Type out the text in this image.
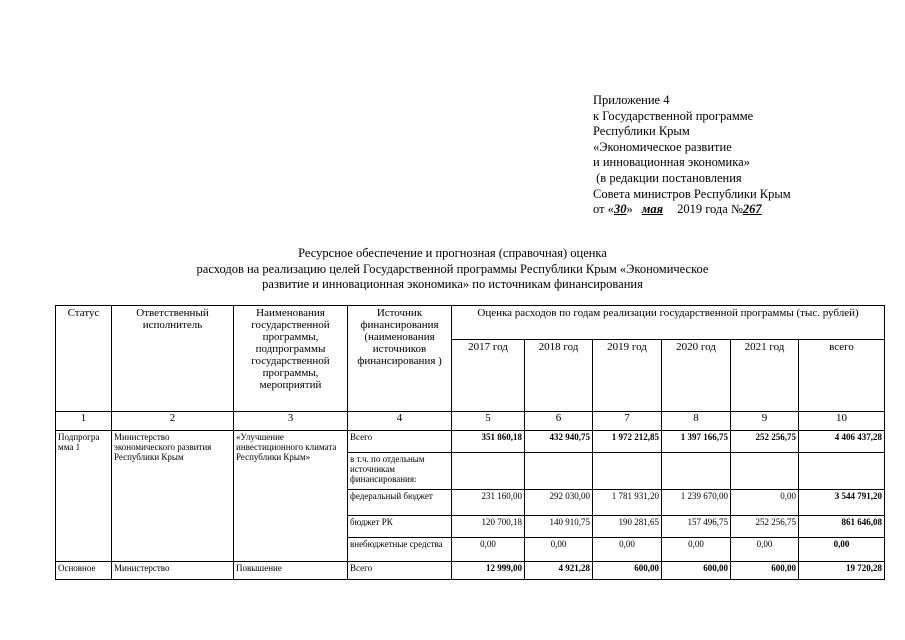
Приложение 4
к Государственной программе
Республики Крым
«Экономическое развитие
и инновационная экономика»
(в редакции постановления
Совета министров Республики Крым
от «30» мая 2019 года №267
Ресурсное обеспечение и прогнозная (справочная) оценка
расходов на реализацию целей Государственной программы Республики Крым «Экономическое
развитие и инновационная экономика» по источникам финансирования
Статус	Ответственный исполнитель	Наименования государственной программы, подпрограммы государственной программы, мероприятий	Источник финансирования (наименования источников финансирования )	Оценка расходов по годам реализации государственной программы (тыс. рублей)					
				2017 год	2018 год	2019 год	2020 год	2021 год	всего
1	2	3	4	5	6	7	8	9	10
Подпрогра мма 1	Министерство экономического развития Республики Крым	«Улучшение инвестиционного климата Республики Крым»	Всего	351 860,18	432 940,75	1 972 212,85	1 397 166,75	252 256,75	4 406 437,28
			в т.ч. по отдельным источникам финансирования:						
			федеральный бюджет	231 160,00	292 030,00	1 781 931,20	1 239 670,00	0,00	3 544 791,20
			бюджет РК	120 700,18	140 910,75	190 281,65	157 496,75	252 256,75	861 646,08
			внебюджетные средства	0,00	0,00	0,00	0,00	0,00	0,00
Основное	Министерство	Повышение	Всего	12 999,00	4 921,28	600,00	600,00	600,00	19 720,28
